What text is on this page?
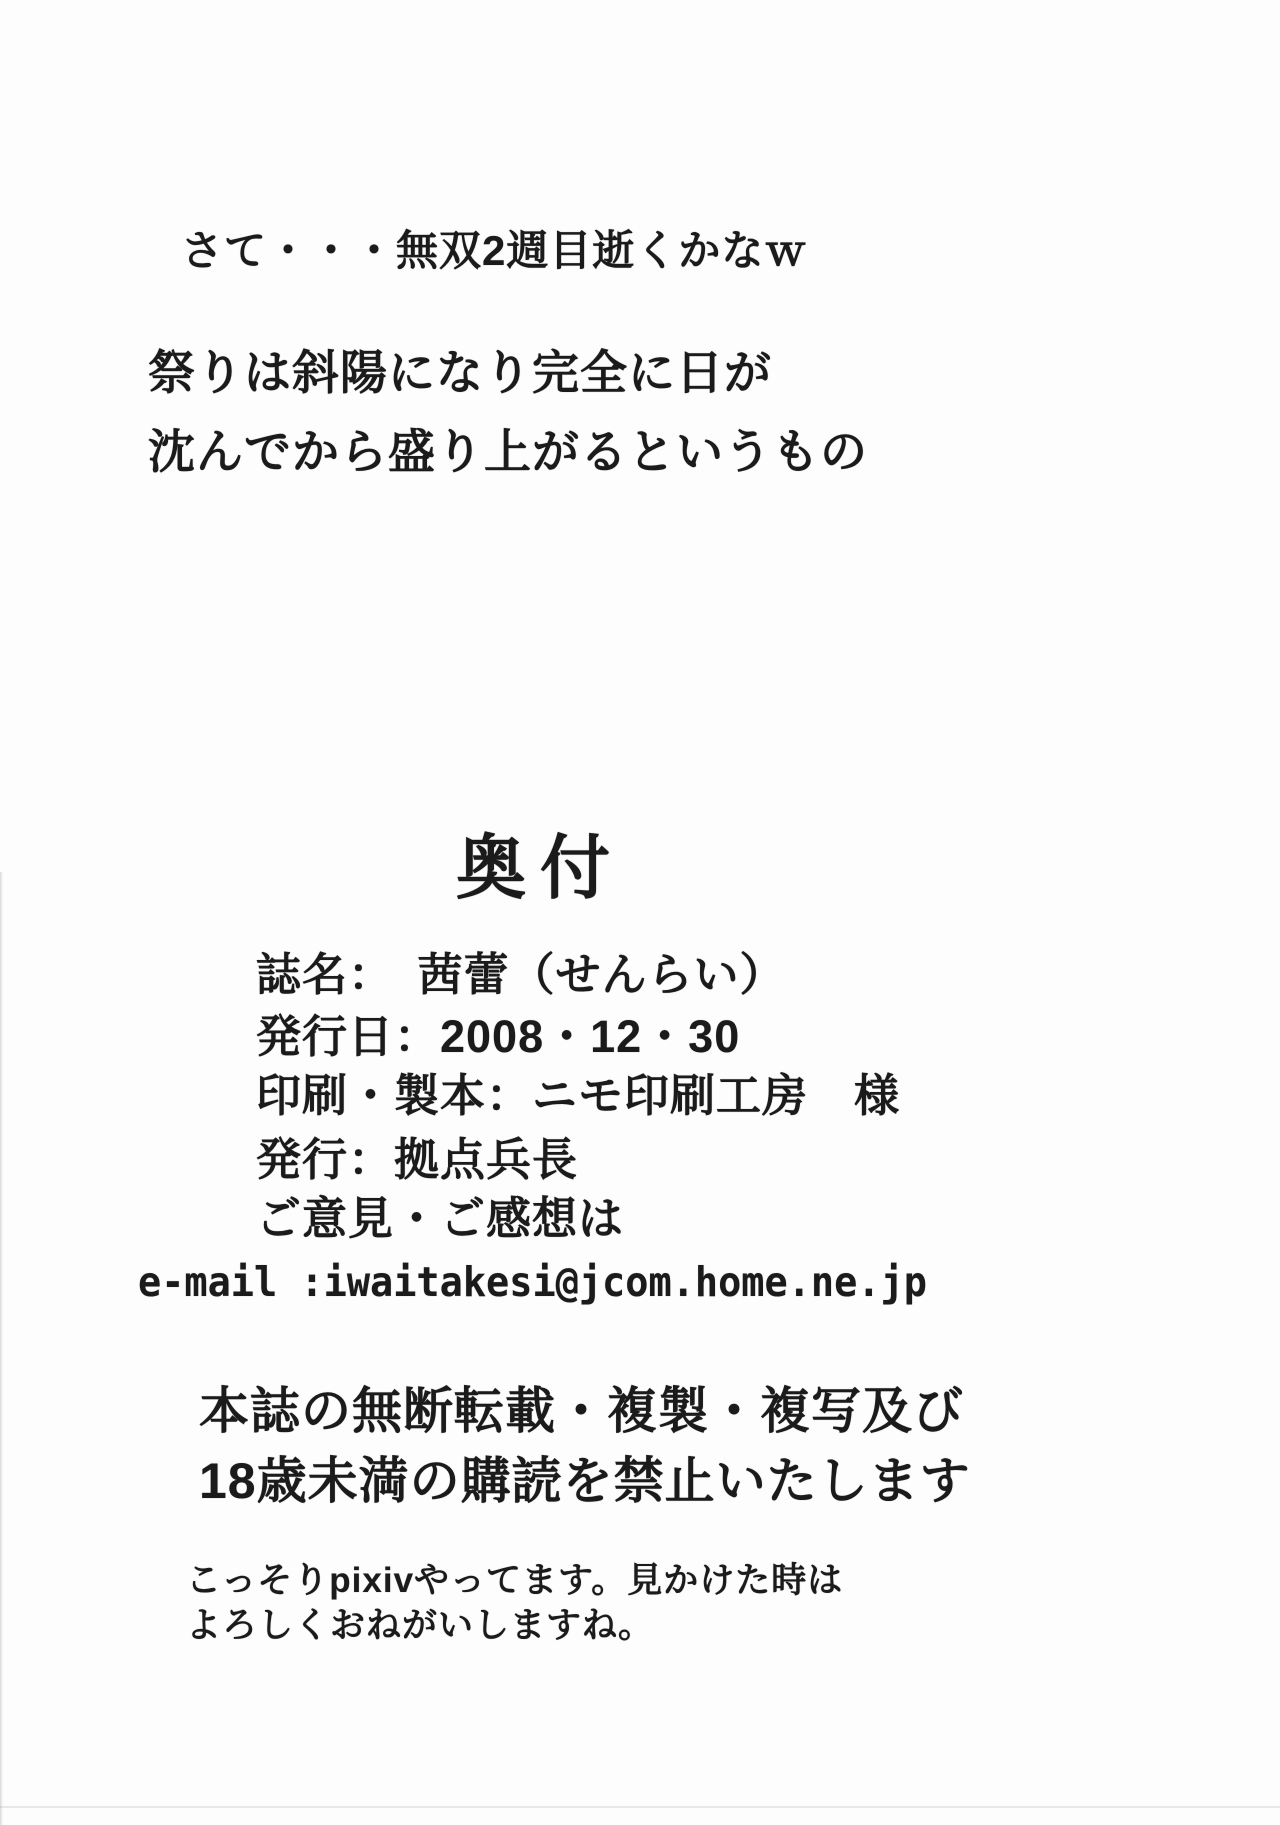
さて・・・無双2週目逝くかなｗ
祭りは斜陽になり完全に日が
沈んでから盛り上がるというもの
奥付
誌名：　茜蕾（せんらい）
発行日：2008・12・30
印刷・製本：ニモ印刷工房　様
発行：拠点兵長
ご意見・ご感想は
e-mail :iwaitakesi@jcom.home.ne.jp
本誌の無断転載・複製・複写及び
18歳未満の購読を禁止いたします
こっそりpixivやってます。見かけた時は
よろしくおねがいしますね。
